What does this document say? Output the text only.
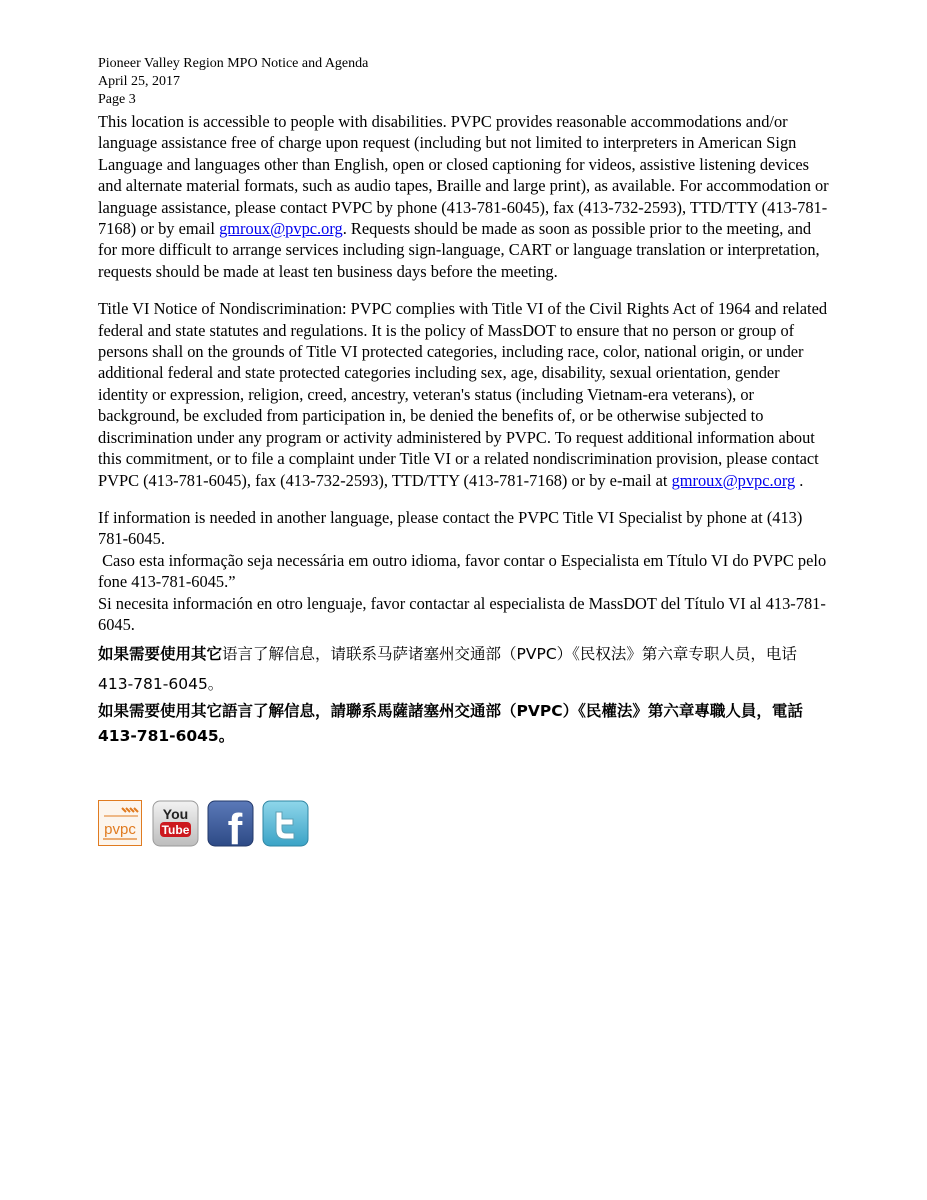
Pioneer Valley Region MPO Notice and Agenda

April 25, 2017

Page 3

This location is accessible to people with disabilities. PVPC provides reasonable accommodations and/or language assistance free of charge upon request (including but not limited to interpreters in American Sign Language and languages other than English, open or closed captioning for videos, assistive listening devices and alternate material formats, such as audio tapes, Braille and large print), as available. For accommodation or language assistance, please contact PVPC by phone (413-781-6045), fax (413-732-2593), TTD/TTY (413-781-7168) or by email gmroux@pvpc.org. Requests should be made as soon as possible prior to the meeting, and for more difficult to arrange services including sign-language, CART or language translation or interpretation, requests should be made at least ten business days before the meeting.

Title VI Notice of Nondiscrimination: PVPC complies with Title VI of the Civil Rights Act of 1964 and related federal and state statutes and regulations. It is the policy of MassDOT to ensure that no person or group of persons shall on the grounds of Title VI protected categories, including race, color, national origin, or under additional federal and state protected categories including sex, age, disability, sexual orientation, gender identity or expression, religion, creed, ancestry, veteran's status (including Vietnam-era veterans), or background, be excluded from participation in, be denied the benefits of, or be otherwise subjected to discrimination under any program or activity administered by PVPC. To request additional information about this commitment, or to file a complaint under Title VI or a related nondiscrimination provision, please contact PVPC (413-781-6045), fax (413-732-2593), TTD/TTY (413-781-7168) or by e-mail at gmroux@pvpc.org .

If information is needed in another language, please contact the PVPC Title VI Specialist by phone at (413) 781-6045.

Caso esta informação seja necessária em outro idioma, favor contar o Especialista em Título VI do PVPC pelo fone 413-781-6045.”

Si necesita información en otro lenguaje, favor contactar al especialista de MassDOT del Título VI al 413-781-6045.

如果需要使用其它语言了解信息，请联系马萨诸塞州交通部（PVPC）《民权法》第六章专职人员，电话 413-781-6045。

如果需要使用其它語言了解信息，請聯系馬薩諸塞州交通部（PVPC）《民權法》第六章專職人員，電話 413-781-6045。

pvpc
You
Tube f
